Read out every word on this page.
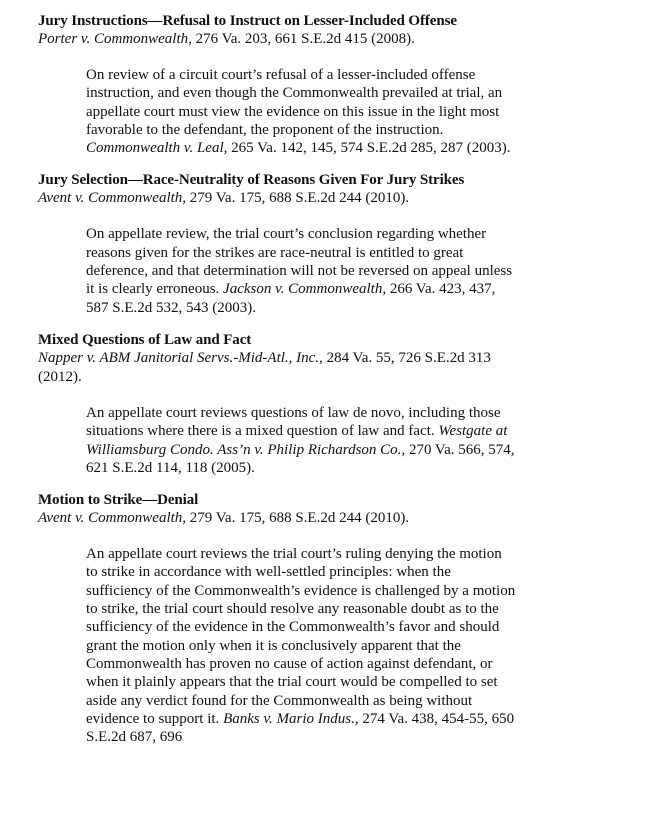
Jury Instructions—Refusal to Instruct on Lesser-Included Offense

Porter v. Commonwealth, 276 Va. 203, 661 S.E.2d 415 (2008).

On review of a circuit court’s refusal of a lesser-included offense instruction, and even though the Commonwealth prevailed at trial, an appellate court must view the evidence on this issue in the light most favorable to the defendant, the proponent of the instruction. Commonwealth v. Leal, 265 Va. 142, 145, 574 S.E.2d 285, 287 (2003).

Jury Selection—Race-Neutrality of Reasons Given For Jury Strikes

Avent v. Commonwealth, 279 Va. 175, 688 S.E.2d 244 (2010).

On appellate review, the trial court’s conclusion regarding whether reasons given for the strikes are race-neutral is entitled to great deference, and that determination will not be reversed on appeal unless it is clearly erroneous. Jackson v. Commonwealth, 266 Va. 423, 437, 587 S.E.2d 532, 543 (2003).

Mixed Questions of Law and Fact

Napper v. ABM Janitorial Servs.-Mid-Atl., Inc., 284 Va. 55, 726 S.E.2d 313 (2012).

An appellate court reviews questions of law de novo, including those situations where there is a mixed question of law and fact. Westgate at Williamsburg Condo. Ass’n v. Philip Richardson Co., 270 Va. 566, 574, 621 S.E.2d 114, 118 (2005).

Motion to Strike—Denial

Avent v. Commonwealth, 279 Va. 175, 688 S.E.2d 244 (2010).

An appellate court reviews the trial court’s ruling denying the motion to strike in accordance with well-settled principles: when the sufficiency of the Commonwealth’s evidence is challenged by a motion to strike, the trial court should resolve any reasonable doubt as to the sufficiency of the evidence in the Commonwealth’s favor and should grant the motion only when it is conclusively apparent that the Commonwealth has proven no cause of action against defendant, or when it plainly appears that the trial court would be compelled to set aside any verdict found for the Commonwealth as being without evidence to support it. Banks v. Mario Indus., 274 Va. 438, 454-55, 650 S.E.2d 687, 696
